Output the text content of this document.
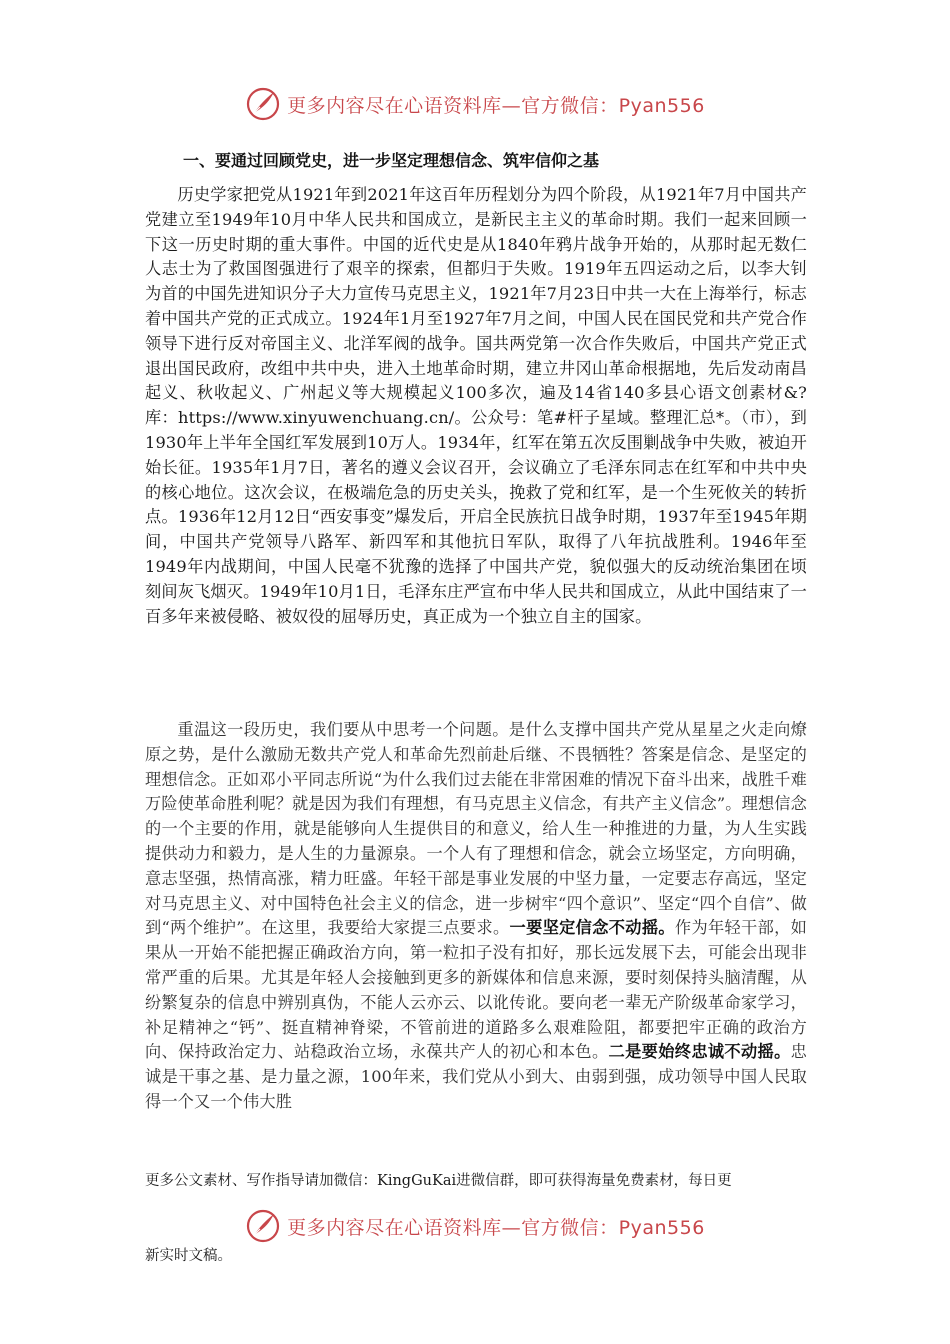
更多内容尽在心语资料库—官方微信：Pyan556
一、要通过回顾党史，进一步坚定理想信念、筑牢信仰之基

历史学家把党从1921年到2021年这百年历程划分为四个阶段，从1921年7月中国共产党建立至1949年10月中华人民共和国成立，是新民主主义的革命时期。我们一起来回顾一下这一历史时期的重大事件。中国的近代史是从1840年鸦片战争开始的，从那时起无数仁人志士为了救国图强进行了艰辛的探索，但都归于失败。1919年五四运动之后，以李大钊为首的中国先进知识分子大力宣传马克思主义，1921年7月23日中共一大在上海举行，标志着中国共产党的正式成立。1924年1月至1927年7月之间，中国人民在国民党和共产党合作领导下进行反对帝国主义、北洋军阀的战争。国共两党第一次合作失败后，中国共产党正式退出国民政府，改组中共中央，进入土地革命时期，建立井冈山革命根据地，先后发动南昌起义、秋收起义、广州起义等大规模起义100多次，遍及14省140多县心语文创素材&?库：https://www.xinyuwenchuang.cn/。公众号：笔#杆子星域。整理汇总*。（市），到1930年上半年全国红军发展到10万人。1934年，红军在第五次反围剿战争中失败，被迫开始长征。1935年1月7日，著名的遵义会议召开，会议确立了毛泽东同志在红军和中共中央的核心地位。这次会议，在极端危急的历史关头，挽救了党和红军，是一个生死攸关的转折点。1936年12月12日“西安事变”爆发后，开启全民族抗日战争时期，1937年至1945年期间，中国共产党领导八路军、新四军和其他抗日军队，取得了八年抗战胜利。1946年至1949年内战期间，中国人民毫不犹豫的选择了中国共产党，貌似强大的反动统治集团在顷刻间灰飞烟灭。1949年10月1日，毛泽东庄严宣布中华人民共和国成立，从此中国结束了一百多年来被侵略、被奴役的屈辱历史，真正成为一个独立自主的国家。

重温这一段历史，我们要从中思考一个问题。是什么支撑中国共产党从星星之火走向燎原之势，是什么激励无数共产党人和革命先烈前赴后继、不畏牺牲？答案是信念、是坚定的理想信念。正如邓小平同志所说“为什么我们过去能在非常困难的情况下奋斗出来，战胜千难万险使革命胜利呢？就是因为我们有理想，有马克思主义信念，有共产主义信念”。理想信念的一个主要的作用，就是能够向人生提供目的和意义，给人生一种推进的力量，为人生实践提供动力和毅力，是人生的力量源泉。一个人有了理想和信念，就会立场坚定，方向明确，意志坚强，热情高涨，精力旺盛。年轻干部是事业发展的中坚力量，一定要志存高远，坚定对马克思主义、对中国特色社会主义的信念，进一步树牢“四个意识”、坚定“四个自信”、做到“两个维护”。在这里，我要给大家提三点要求。一要坚定信念不动摇。作为年轻干部，如果从一开始不能把握正确政治方向，第一粒扣子没有扣好，那长远发展下去，可能会出现非常严重的后果。尤其是年轻人会接触到更多的新媒体和信息来源，要时刻保持头脑清醒，从纷繁复杂的信息中辨别真伪，不能人云亦云、以讹传讹。要向老一辈无产阶级革命家学习，补足精神之“钙”、挺直精神脊梁，不管前进的道路多么艰难险阻，都要把牢正确的政治方向、保持政治定力、站稳政治立场，永葆共产人的初心和本色。二是要始终忠诚不动摇。忠诚是干事之基、是力量之源，100年来，我们党从小到大、由弱到强，成功领导中国人民取得一个又一个伟大胜

更多公文素材、写作指导请加微信：KingGuKai进微信群，即可获得海量免费素材，每日更
更多内容尽在心语资料库—官方微信：Pyan556
新实时文稿。
